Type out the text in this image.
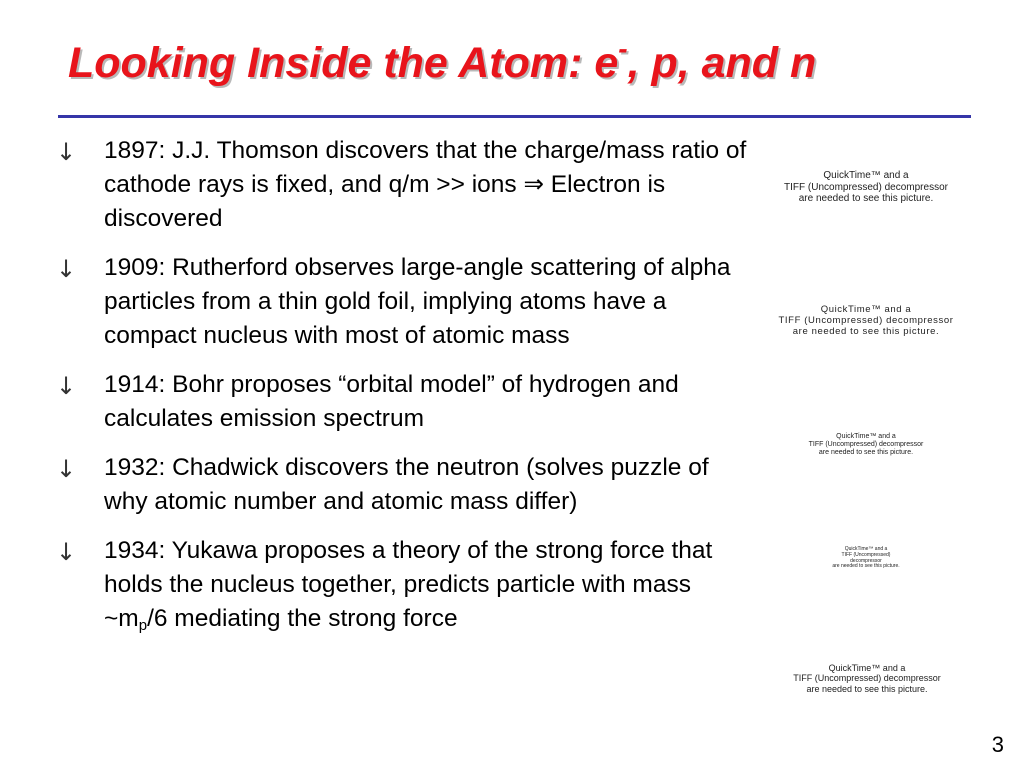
Looking Inside the Atom: e-, p, and n
↓ 1897: J.J. Thomson discovers that the charge/mass ratio of cathode rays is fixed, and q/m >> ions ⇒ Electron is discovered
↓ 1909: Rutherford observes large-angle scattering of alpha particles from a thin gold foil, implying atoms have a compact nucleus with most of atomic mass
↓ 1914: Bohr proposes “orbital model” of hydrogen and calculates emission spectrum
↓ 1932: Chadwick discovers the neutron (solves puzzle of why atomic number and atomic mass differ)
↓ 1934: Yukawa proposes a theory of the strong force that holds the nucleus together, predicts particle with mass $\sim m_p/6$ mediating the strong force
QuickTime™ and a
TIFF (Uncompressed) decompressor
are needed to see this picture.
QuickTime™ and a
TIFF (Uncompressed) decompressor
are needed to see this picture.
QuickTime™ and a
TIFF (Uncompressed) decompressor
are needed to see this picture.
QuickTime™ and a
TIFF (Uncompressed) decompressor
are needed to see this picture.
QuickTime™ and a
TIFF (Uncompressed) decompressor
are needed to see this picture.
3
